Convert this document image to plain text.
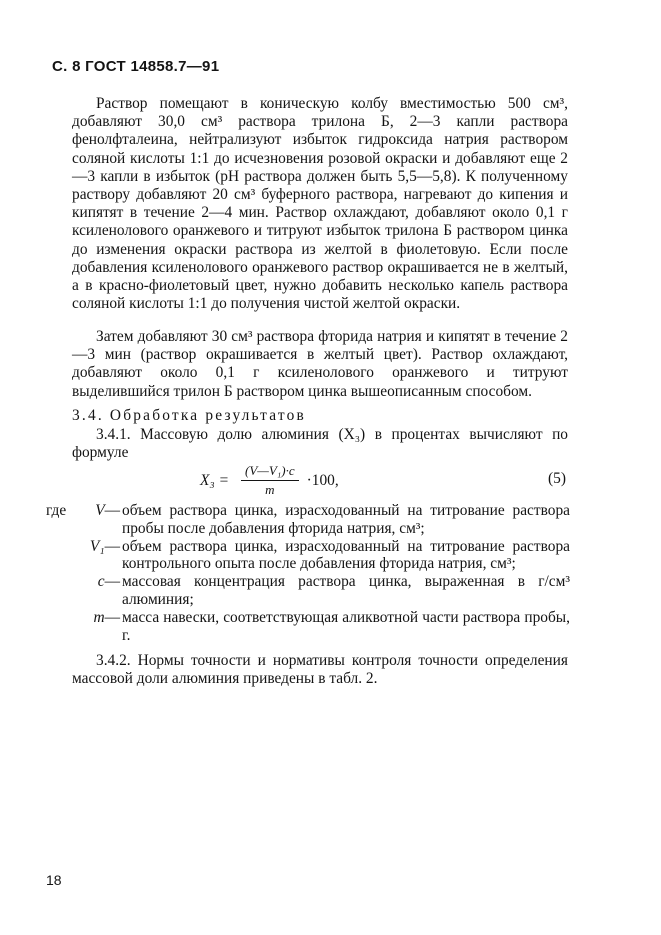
С. 8 ГОСТ 14858.7—91

Раствор помещают в коническую колбу вместимостью 500 см³, добавляют 30,0 см³ раствора трилона Б, 2—3 капли раствора фенолфталеина, нейтрализуют избыток гидроксида натрия раствором соляной кислоты 1:1 до исчезновения розовой окраски и добавляют еще 2—3 капли в избыток (pH раствора должен быть 5,5—5,8). К полученному раствору добавляют 20 см³ буферного раствора, нагревают до кипения и кипятят в течение 2—4 мин. Раствор охлаждают, добавляют около 0,1 г ксиленолового оранжевого и титруют избыток трилона Б раствором цинка до изменения окраски раствора из желтой в фиолетовую. Если после добавления ксиленолового оранжевого раствор окрашивается не в желтый, а в красно-фиолетовый цвет, нужно добавить несколько капель раствора соляной кислоты 1:1 до получения чистой желтой окраски.

Затем добавляют 30 см³ раствора фторида натрия и кипятят в течение 2—3 мин (раствор окрашивается в желтый цвет). Раствор охлаждают, добавляют около 0,1 г ксиленолового оранжевого и титруют выделившийся трилон Б раствором цинка вышеописанным способом.

3.4. Обработка результатов

3.4.1. Массовую долю алюминия (X₃) в процентах вычисляют по формуле

$X_3 = \frac{\text{(V—V₁)·c}}{m} \cdot 100$,	(5)
где V — объем раствора цинка, израсходованный на титрование раствора пробы после добавления фторида натрия, см³;
V₁ — объем раствора цинка, израсходованный на титрование раствора контрольного опыта после добавления фторида натрия, см³;
c — массовая концентрация раствора цинка, выраженная в г/см³ алюминия;
m — масса навески, соответствующая аликвотной части раствора пробы, г.

3.4.2. Нормы точности и нормативы контроля точности определения массовой доли алюминия приведены в табл. 2.

18
